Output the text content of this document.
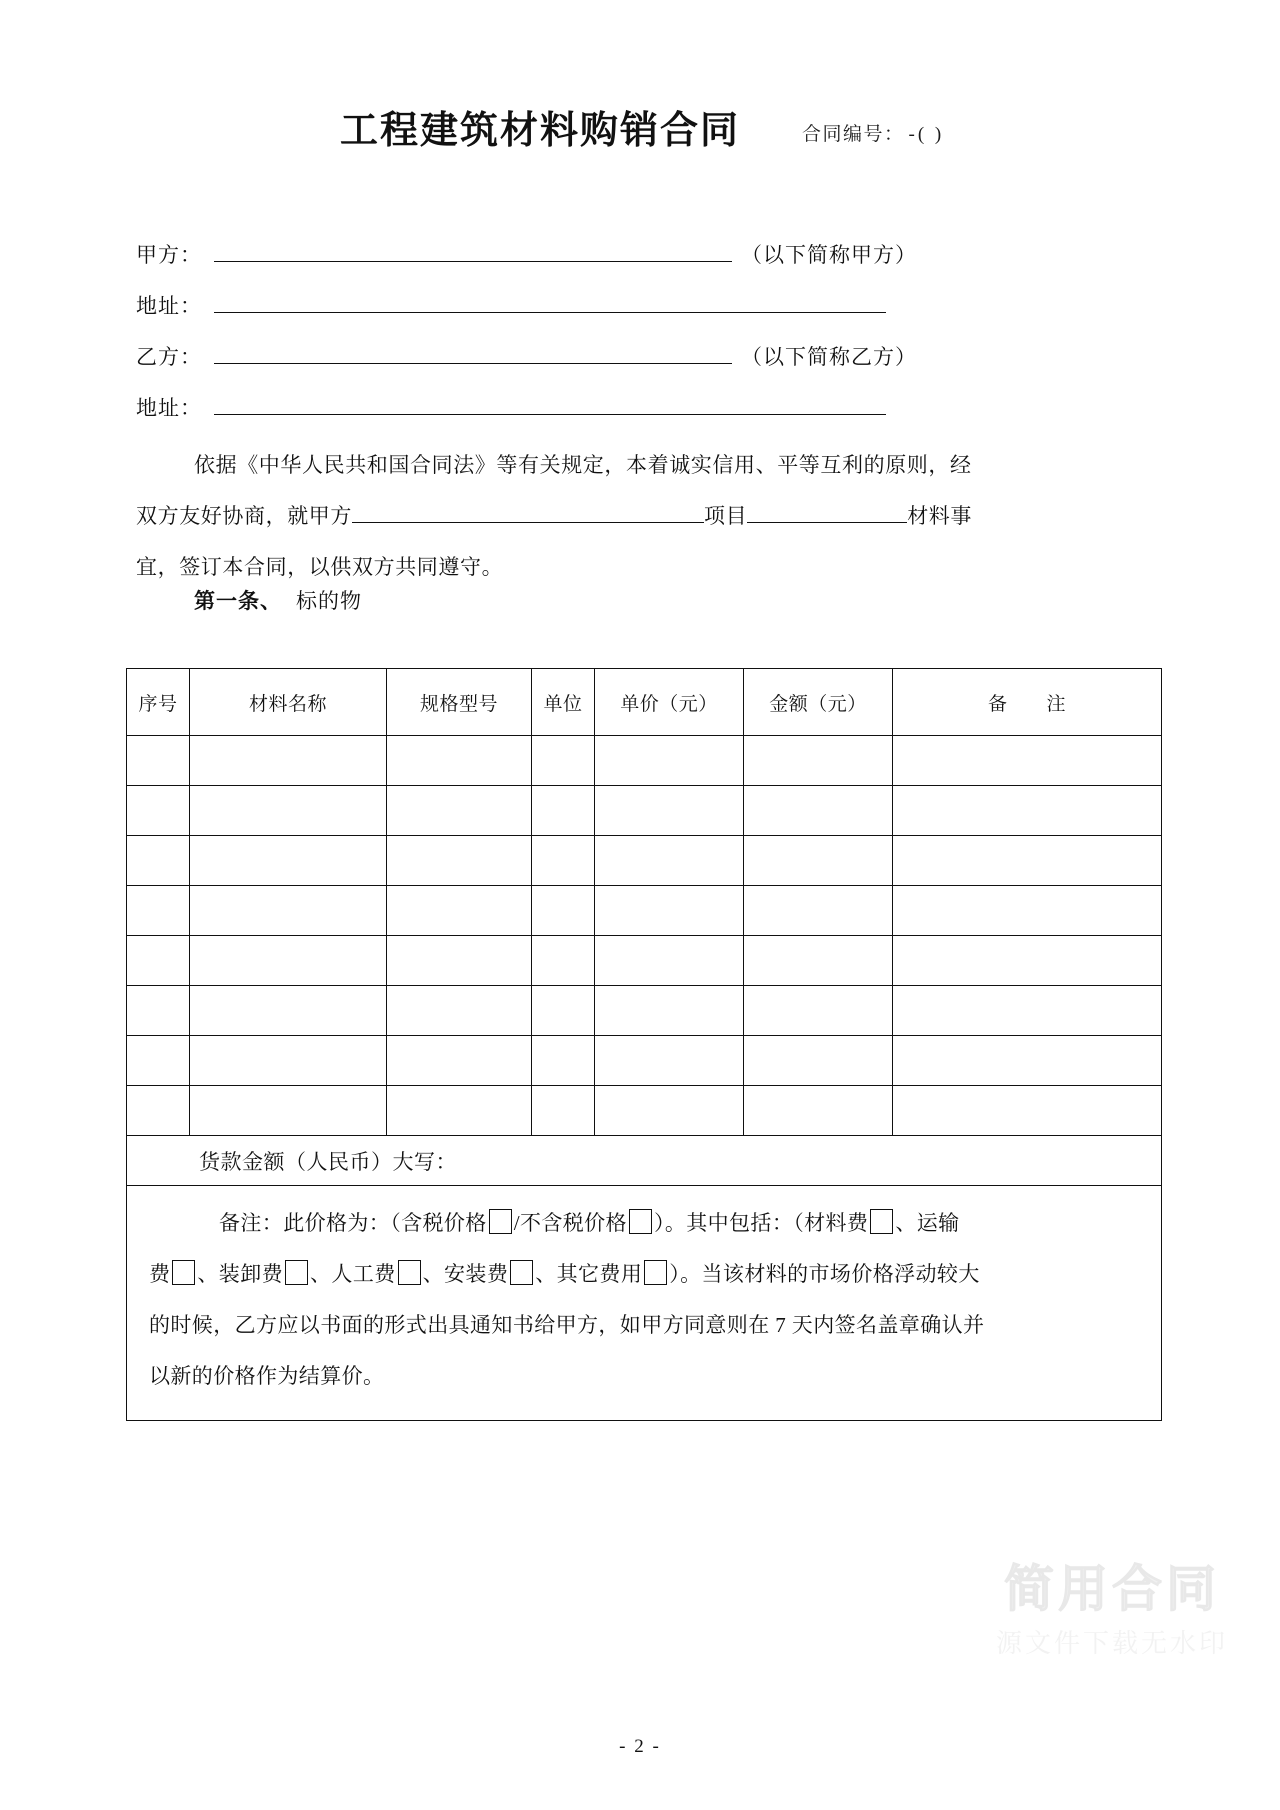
工程建筑材料购销合同	合同编号： -( )
甲方：	（以下简称甲方）
地址：
乙方：	（以下简称乙方）
地址：
依据《中华人民共和国合同法》等有关规定，本着诚实信用、平等互利的原则，经
双方友好协商，就甲方	项目	材料事
宜，签订本合同，以供双方共同遵守。
第一条、 标的物
序号	材料名称	规格型号	单位	单价（元）	金额（元）	备　　注

货款金额（人民币）大写：						

备注：此价格为：（含税价格 /不含税价格 ）。其中包括：（材料费 、运输
费 、装卸费 、人工费 、安装费 、其它费用 ）。当该材料的市场价格浮动较大
的时候，乙方应以书面的形式出具通知书给甲方，如甲方同意则在 7 天内签名盖章确认并
以新的价格作为结算价。						
简用合同
源文件下载无水印
- 2 -
